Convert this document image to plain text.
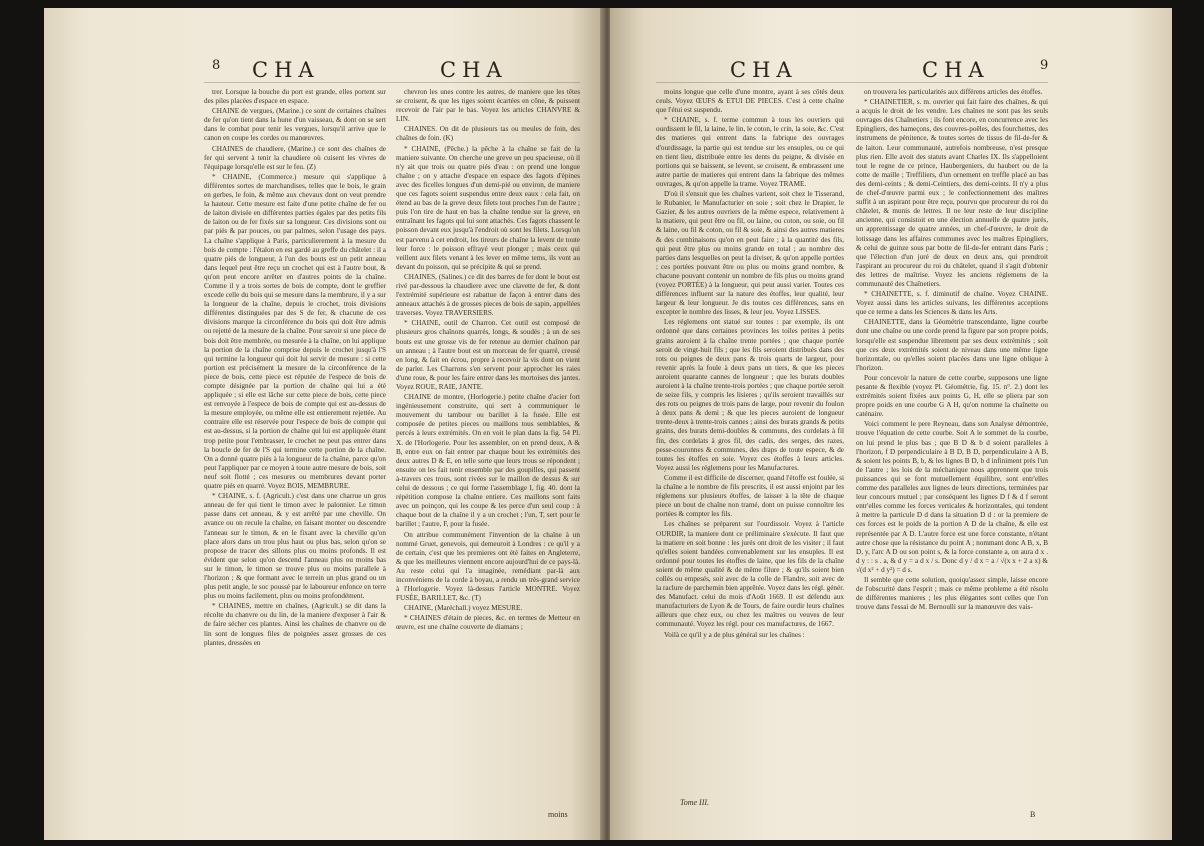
8 CHA	CHA

trer. Lorsque la bouche du port est grande, elles portent sur des piles placées d'espace en espace.

CHAINE de vergues, (Marine.) ce sont de certaines chaînes de fer qu'on tient dans la hune d'un vaisseau, & dont on se sert dans le combat pour tenir les vergues, lorsqu'il arrive que le canon en coupe les cordes ou manœuvres.

CHAINES de chaudiere, (Marine.) ce sont des chaînes de fer qui servent à tenir la chaudiere où cuisent les vivres de l'équipage lorsqu'elle est sur le feu. (Z)

* CHAINE, (Commerce.) mesure qui s'applique à différentes sortes de marchandises, telles que le bois, le grain en gerbes, le foin, & même aux chevaux dont on veut prendre la hauteur. Cette mesure est faite d'une petite chaîne de fer ou de laiton divisée en différentes parties égales par des petits fils de laiton ou de fer fixés sur sa longueur. Ces divisions sont ou par piés & par pouces, ou par palmes, selon l'usage des pays. La chaîne s'applique à Paris, particulierement à la mesure du bois de compte : l'étalon en est gardé au greffe du châtelet : il a quatre piés de longueur, à l'un des bouts est un petit anneau dans lequel peut être reçu un crochet qui est à l'autre bout, & qu'on peut encore arrêter en d'autres points de la chaîne. Comme il y a trois sortes de bois de compte, dont le greffier excede celle du bois qui se mesure dans la membrure, il y a sur la longueur de la chaîne, depuis le crochet, trois divisions différentes distinguées par des S de fer, & chacune de ces divisions marque la circonférence du bois qui doit être admis ou rejetté de la mesure de la chaîne. Pour savoir si une piece de bois doit être membrée, ou mesurée à la chaîne, on lui applique la portion de la chaîne comprise depuis le crochet jusqu'à l'S qui termine la longueur qui doit lui servir de mesure : si cette portion est précisément la mesure de la circonférence de la piece de bois, cette piece est réputée de l'espece de bois de compte désignée par la portion de chaîne qui lui a été appliquée ; si elle est lâche sur cette piece de bois, cette piece est renvoyée à l'espece de bois de compte qui est au-dessus de la mesure employée, ou même elle est entierement rejettée. Au contraire elle est réservée pour l'espece de bois de compte qui est au-dessus, si la portion de chaîne qui lui est appliquée étant trop petite pour l'embrasser, le crochet ne peut pas entrer dans la boucle de fer de l'S qui termine cette portion de la chaîne. On a donné quatre piés à la longueur de la chaîne, parce qu'on peut l'appliquer par ce moyen à toute autre mesure de bois, soit neuf soit flotté ; ces mesures ou membrures devant porter quatre piés en quarré. Voyez BOIS, MEMBRURE.

* CHAINE, s. f. (Agricult.) c'est dans une charrue un gros anneau de fer qui tient le timon avec le palonnier. Le timon passe dans cet anneau, & y est arrêté par une cheville. On avance ou on recule la chaîne, en faisant monter ou descendre l'anneau sur le timon, & en le fixant avec la cheville qu'on place alors dans un trou plus haut ou plus bas, selon qu'on se propose de tracer des sillons plus ou moins profonds. Il est évident que selon qu'on descend l'anneau plus ou moins bas sur le timon, le timon se trouve plus ou moins parallele à l'horizon ; & que formant avec le terrein un plus grand ou un plus petit angle, le soc poussé par le laboureur enfonce en terre plus ou moins facilement, plus ou moins profondément.

* CHAINES, mettre en chaînes, (Agricult.) se dit dans la récolte du chanvre ou du lin, de la maniere d'exposer à l'air & de faire sécher ces plantes. Ainsi les chaînes de chanvre ou de lin sont de longues files de poignées assez grosses de ces plantes, dressées en

chevron les unes contre les autres, de maniere que les têtes se croisent, & que les tiges soient écartées en cône, & puissent recevoir de l'air par le bas. Voyez les articles CHANVRE & LIN.

CHAINES. On dit de plusieurs tas ou meules de foin, des chaînes de foin. (K)

* CHAINE, (Pêche.) la pêche à la chaîne se fait de la maniere suivante. On cherche une greve un peu spacieuse, où il n'y ait que trois ou quatre piés d'eau : on prend une longue chaîne ; on y attache d'espace en espace des fagots d'épines avec des ficelles longues d'un demi-pié ou environ, de maniere que ces fagots soient suspendus entre deux eaux : cela fait, on étend au bas de la greve deux filets tout proches l'un de l'autre ; puis l'on tire de haut en bas la chaîne tendue sur la greve, en entraînant les fagots qui lui sont attachés. Ces fagots chassent le poisson devant eux jusqu'à l'endroit où sont les filets. Lorsqu'on est parvenu à cet endroit, les tireurs de chaîne la levent de toute leur force : le poisson effrayé veut plonger ; mais ceux qui veillent aux filets venant à les lever en même tems, ils vont au devant du poisson, qui se précipite & qui se prend.

CHAINES, (Salines.) ce dit des barres de fer dont le bout est rivé par-dessous la chaudiere avec une clavette de fer, & dont l'extrémité supérieure est rabattue de façon à entrer dans des anneaux attachés à de grosses pieces de bois de sapin, appellées traverses. Voyez TRAVERSIERS.

* CHAINE, outil de Charron. Cet outil est composé de plusieurs gros chaînons quarrés, longs, & soudés ; à un de ses bouts est une grosse vis de fer retenue au dernier chaînon par un anneau ; à l'autre bout est un morceau de fer quarré, creusé en long, & fait en écrou, propre à recevoir la vis dont on vient de parler. Les Charrons s'en servent pour approcher les raies d'une roue, & pour les faire entrer dans les mortoises des jantes. Voyez ROUE, RAIE, JANTE.

CHAINE de montre, (Horlogerie.) petite chaîne d'acier fort ingénieusement construite, qui sert à communiquer le mouvement du tambour ou barillet à la fusée. Elle est composée de petites pieces ou maillons tous semblables, & percés à leurs extrémités. On en voit le plan dans la fig. 54 Pl. X. de l'Horlogerie. Pour les assembler, on en prend deux, A & B, entre eux on fait entrer par chaque bout les extrémités des deux autres D & E, en telle sorte que leurs trous se répondent ; ensuite on les fait tenir ensemble par des goupilles, qui passent à-travers ces trous, sont rivées sur le maillon de dessus & sur celui de dessous ; ce qui forme l'assemblage I, fig. 40. dont la répétition compose la chaîne entiere. Ces maillons sont faits avec un poinçon, qui les coupe & les perce d'un seul coup : à chaque bout de la chaîne il y a un crochet ; l'un, T, sert pour le barillet ; l'autre, F, pour la fusée.

On attribue communément l'invention de la chaîne à un nommé Gruet, genevois, qui demeuroit à Londres : ce qu'il y a de certain, c'est que les premieres ont été faites en Angleterre, & que les meilleures viennent encore aujourd'hui de ce pays-là. Au reste celui qui l'a imaginée, remédiant par-là aux inconvéniens de la corde à boyau, a rendu un très-grand service à l'Horlogerie. Voyez là-dessus l'article MONTRE. Voyez FUSÉE, BARILLET, &c. (T)

CHAINE, (Maréchall.) voyez MESURE.

* CHAINES d'étain de pieces, &c. en termes de Metteur en œuvre, est une chaîne couverte de diamans ;

moins
CHA	CHA	9

moins longue que celle d'une montre, ayant à ses côtés deux ceuls. Voyez ŒUFS & ETUI DE PIECES. C'est à cette chaîne que l'étui est suspendu.

* CHAINE, s. f. terme commun à tous les ouvriers qui ourdissent le fil, la laine, le lin, le coton, le crin, la soie, &c. C'est des matieres qui entrent dans la fabrique des ouvrages d'ourdissage, la partie qui est tendue sur les ensuples, ou ce qui en tient lieu, distribuée entre les dents du peigne, & divisée en portions qui se baissent, se levent, se croisent, & embrassent une autre partie de matieres qui entrent dans la fabrique des mêmes ouvrages, & qu'on appelle la trame. Voyez TRAME.

D'où il s'ensuit que les chaînes varient, soit chez le Tisserand, le Rubanier, le Manufacturier en soie ; soit chez le Drapier, le Gazier, & les autres ouvriers de la même espece, relativement à la matiere, qui peut être ou fil, ou laine, ou coton, ou soie, ou fil & laine, ou fil & coton, ou fil & soie, & ainsi des autres matieres & des combinaisons qu'on en peut faire ; à la quantité des fils, qui peut être plus ou moins grande en total ; au nombre des parties dans lesquelles on peut la diviser, & qu'on appelle portées ; ces portées pouvant être ou plus ou moins grand nombre, & chacune pouvant contenir un nombre de fils plus ou moins grand (voyez PORTÉE) à la longueur, qui peut aussi varier. Toutes ces différences influent sur la nature des étoffes, leur qualité, leur largeur & leur longueur. Je dis toutes ces différences, sans en excepter le nombre des lisses, & leur jeu. Voyez LISSES.

Les réglemens ont statué sur toutes : par exemple, ils ont ordonné que dans certaines provinces les toiles petites à petits grains auroient à la chaîne trente portées ; que chaque portée seroit de vingt-huit fils ; que les fils seroient distribués dans des rots ou peignes de deux pans & trois quarts de largeur, pour revenir après la foule à deux pans un tiers, & que les pieces auroient quarante cannes de longueur ; que les burats doubles auroient à la chaîne trente-trois portées ; que chaque portée seroit de seize fils, y compris les lisieres ; qu'ils seroient travaillés sur des rots ou peignes de trois pans de large, pour revenir du foulon à deux pans & demi ; & que les pieces auroient de longueur trente-deux à trente-trois cannes ; ainsi des burats grands & petits grains, des burats demi-doubles & communs, des cordelats à fil fin, des cordelats à gros fil, des cadis, des serges, des razes, pesse-couronnes & communes, des draps de toute espece, & de toutes les étoffes en soie. Voyez ces étoffes à leurs articles. Voyez aussi les réglemens pour les Manufactures.

Comme il est difficile de discerner, quand l'étoffe est foulée, si la chaîne a le nombre de fils prescrits, il est aussi enjoint par les réglemens sur plusieurs étoffes, de laisser à la tête de chaque piece un bout de chaîne non tramé, dont on puisse connoître les portées & compter les fils.

Les chaînes se préparent sur l'ourdissoir. Voyez à l'article OURDIR, la maniere dont ce préliminaire s'exécute. Il faut que la matiere en soit bonne : les jurés ont droit de les visiter ; il faut qu'elles soient bandées convenablement sur les ensuples. Il est ordonné pour toutes les étoffes de laine, que les fils de la chaîne soient de même qualité & de même filure ; & qu'ils soient bien collés ou empesés, soit avec de la colle de Flandre, soit avec de la raclure de parchemin bien apprêtée. Voyez dans les régl. génér. des Manufact. celui du mois d'Août 1669. Il est défendu aux manufacturiers de Lyon & de Tours, de faire ourdir leurs chaînes ailleurs que chez eux, ou chez les maîtres ou veuves de leur communauté. Voyez les régl. pour ces manufactures, de 1667.

Voilà ce qu'il y a de plus général sur les chaînes :

on trouvera les particularités aux différens articles des étoffes.

* CHAINETIER, s. m. ouvrier qui fait faire des chaînes, & qui a acquis le droit de les vendre. Les chaînes ne sont pas les seuls ouvrages des Chaînetiers ; ils font encore, en concurrence avec les Epingliers, des hameçons, des couvres-poêles, des fourchettes, des instrumens de pénitence, & toutes sortes de tissus de fil-de-fer & de laiton. Leur communauté, autrefois nombreuse, n'est presque plus rien. Elle avoit des statuts avant Charles IX. Ils s'appelloient tout le regne de ce prince, Haubergeniers, du haubert ou de la cotte de maille ; Treffiliers, d'un ornement en treffle placé au bas des demi-ceints ; & demi-Ceintiers, des demi-ceints. Il n'y a plus de chef-d'œuvre parmi eux ; le confectionnement des maîtres suffit à un aspirant pour être reçu, pourvu que procureur du roi du châtelet, & munis de lettres. Il ne leur reste de leur discipline ancienne, qui consistoit en une élection annuelle de quatre jurés, un apprentissage de quatre années, un chef-d'œuvre, le droit de lotissage dans les affaires communes avec les maîtres Epingliers, & celui de guinze sous par botte de fil-de-fer entrant dans Paris ; que l'élection d'un juré de deux en deux ans, qui prendroit l'aspirant au procureur du roi du châtelet, quand il s'agit d'obtenir des lettres de maîtrise. Voyez les anciens réglemens de la communauté des Chaînetiers.

* CHAINETTE, s. f. diminutif de chaîne. Voyez CHAINE. Voyez aussi dans les articles suivans, les différentes acceptions que ce terme a dans les Sciences & dans les Arts.

CHAINETTE, dans la Géométrie transcendante, ligne courbe dont une chaîne ou une corde prend la figure par son propre poids, lorsqu'elle est suspendue librement par ses deux extrémités ; soit que ces deux extrémités soient de niveau dans une même ligne horizontale, ou qu'elles soient placées dans une ligne oblique à l'horizon.

Pour concevoir la nature de cette courbe, supposons une ligne pesante & flexible (voyez Pl. Géométrie, fig. 15. n°. 2.) dont les extrémités soient fixées aux points G, H, elle se pliera par son propre poids en une courbe G A H, qu'on nomme la chaînette ou caténaire.

Voici comment le pere Reyneau, dans son Analyse démontrée, trouve l'équation de cette courbe. Soit A le sommet de la courbe, on lui prend le plus bas ; que B D & b d soient paralleles à l'horizon, f D perpendiculaire à B D, B D, perpendiculaire à A B, & soient les points B, b, & les lignes B D, b d infiniment près l'un de l'autre ; les lois de la méchanique nous apprennent que trois puissances qui se font mutuellement équilibre, sont entr'elles comme des paralleles aux lignes de leurs directions, terminées par leur concours mutuel ; par conséquent les lignes D f & d f seront entr'elles comme les forces verticales & horizontales, qui tendent à mettre la particule D d dans la situation D d : or la premiere de ces forces est le poids de la portion A D de la chaîne, & elle est représentée par A D. L'autre force est une force constante, n'étant autre chose que la résistance du point A ; nommant donc A B, x, B D, y, l'arc A D ou son point s, & la force constante a, on aura d x . d y : : s . a, & d y = a d x / s. Donc d y / d x = a / √(x x + 2 a x) & √(d x² + d y²) = d s.

Il semble que cette solution, quoiqu'assez simple, laisse encore de l'obscurité dans l'esprit ; mais ce même probleme a été résolu de différentes manieres ; les plus élégantes sont celles que l'on trouve dans l'essai de M. Bernoulli sur la manœuvre des vais-

Tome III.
B
